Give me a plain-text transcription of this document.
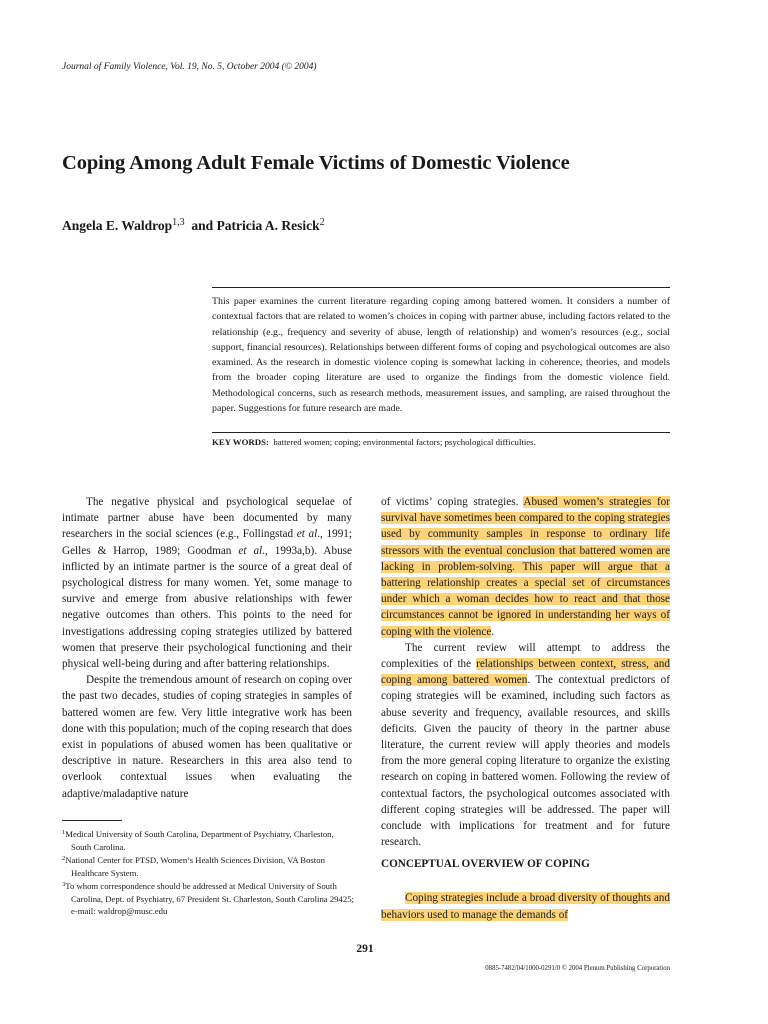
Journal of Family Violence, Vol. 19, No. 5, October 2004 (© 2004)
Coping Among Adult Female Victims of Domestic Violence
Angela E. Waldrop$^{1,3}$ and Patricia A. Resick$^2$
This paper examines the current literature regarding coping among battered women. It considers a number of contextual factors that are related to women’s choices in coping with partner abuse, including factors related to the relationship (e.g., frequency and severity of abuse, length of relationship) and women’s resources (e.g., social support, financial resources). Relationships between different forms of coping and psychological outcomes are also examined. As the research in domestic violence coping is somewhat lacking in coherence, theories, and models from the broader coping literature are used to organize the findings from the domestic violence field. Methodological concerns, such as research methods, measurement issues, and sampling, are raised throughout the paper. Suggestions for future research are made.
KEY WORDS: battered women; coping; environmental factors; psychological difficulties.

The negative physical and psychological sequelae of intimate partner abuse have been documented by many researchers in the social sciences (e.g., Follingstad et al., 1991; Gelles & Harrop, 1989; Goodman et al., 1993a,b). Abuse inflicted by an intimate partner is the source of a great deal of psychological distress for many women. Yet, some manage to survive and emerge from abusive relationships with fewer negative outcomes than others. This points to the need for investigations addressing coping strategies utilized by battered women that preserve their psychological functioning and their physical well-being during and after battering relationships.

Despite the tremendous amount of research on coping over the past two decades, studies of coping strategies in samples of battered women are few. Very little integrative work has been done with this population; much of the coping research that does exist in populations of abused women has been qualitative or descriptive in nature. Researchers in this area also tend to overlook contextual issues when evaluating the adaptive/maladaptive nature

of victims’ coping strategies. Abused women’s strategies for survival have sometimes been compared to the coping strategies used by community samples in response to ordinary life stressors with the eventual conclusion that battered women are lacking in problem-solving. This paper will argue that a battering relationship creates a special set of circumstances under which a woman decides how to react and that those circumstances cannot be ignored in understanding her ways of coping with the violence.

The current review will attempt to address the complexities of the relationships between context, stress, and coping among battered women. The contextual predictors of coping strategies will be examined, including such factors as abuse severity and frequency, available resources, and skills deficits. Given the paucity of theory in the partner abuse literature, the current review will apply theories and models from the more general coping literature to organize the existing research on coping in battered women. Following the review of contextual factors, the psychological outcomes associated with different coping strategies will be addressed. The paper will conclude with implications for treatment and for future research.

CONCEPTUAL OVERVIEW OF COPING

Coping strategies include a broad diversity of thoughts and behaviors used to manage the demands of

$^1$Medical University of South Carolina, Department of Psychiatry, Charleston, South Carolina.
$^2$National Center for PTSD, Women’s Health Sciences Division, VA Boston Healthcare System.
$^3$To whom correspondence should be addressed at Medical University of South Carolina, Dept. of Psychiatry, 67 President St. Charleston, South Carolina 29425; e-mail: waldrop@musc.edu
291
0885-7482/04/1000-0291/0 © 2004 Plenum Publishing Corporation
